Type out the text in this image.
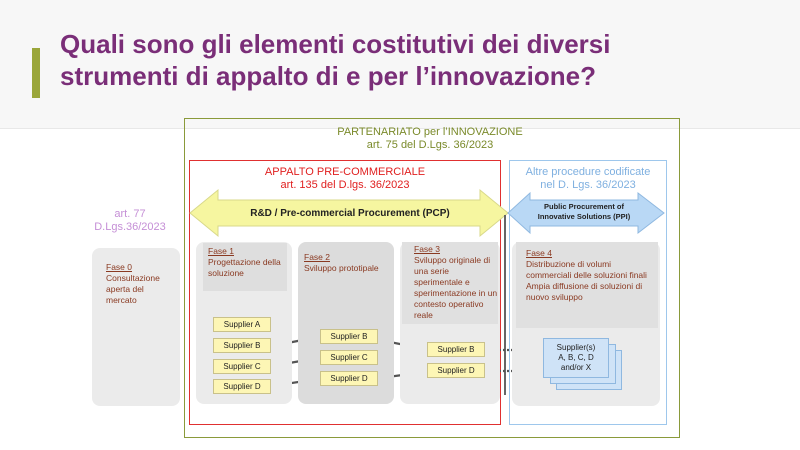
Quali sono gli elementi costitutivi dei diversi
strumenti di appalto di e per l’innovazione?
PARTENARIATO per l’INNOVAZIONE
art. 75 del D.Lgs. 36/2023
APPALTO PRE-COMMERCIALE
art. 135 del D.lgs. 36/2023
Altre procedure codificate
nel D. Lgs. 36/2023
art. 77
D.Lgs.36/2023
R&D / Pre-commercial Procurement (PCP)
Public Procurement of
Innovative Solutions (PPI)
Fase 0
Consultazione aperta del mercato
Fase 1
Progettazione della soluzione
Fase 2
Sviluppo prototipale
Fase 3
Sviluppo originale di una serie sperimentale e sperimentazione in un contesto operativo reale
Fase 4
Distribuzione di volumi commerciali delle soluzioni finali Ampia diffusione di soluzioni di nuovo sviluppo
Supplier A
Supplier B
Supplier C
Supplier D
Supplier B
Supplier C
Supplier D
Supplier B
Supplier D
Supplier(s)
A, B, C, D
and/or X
